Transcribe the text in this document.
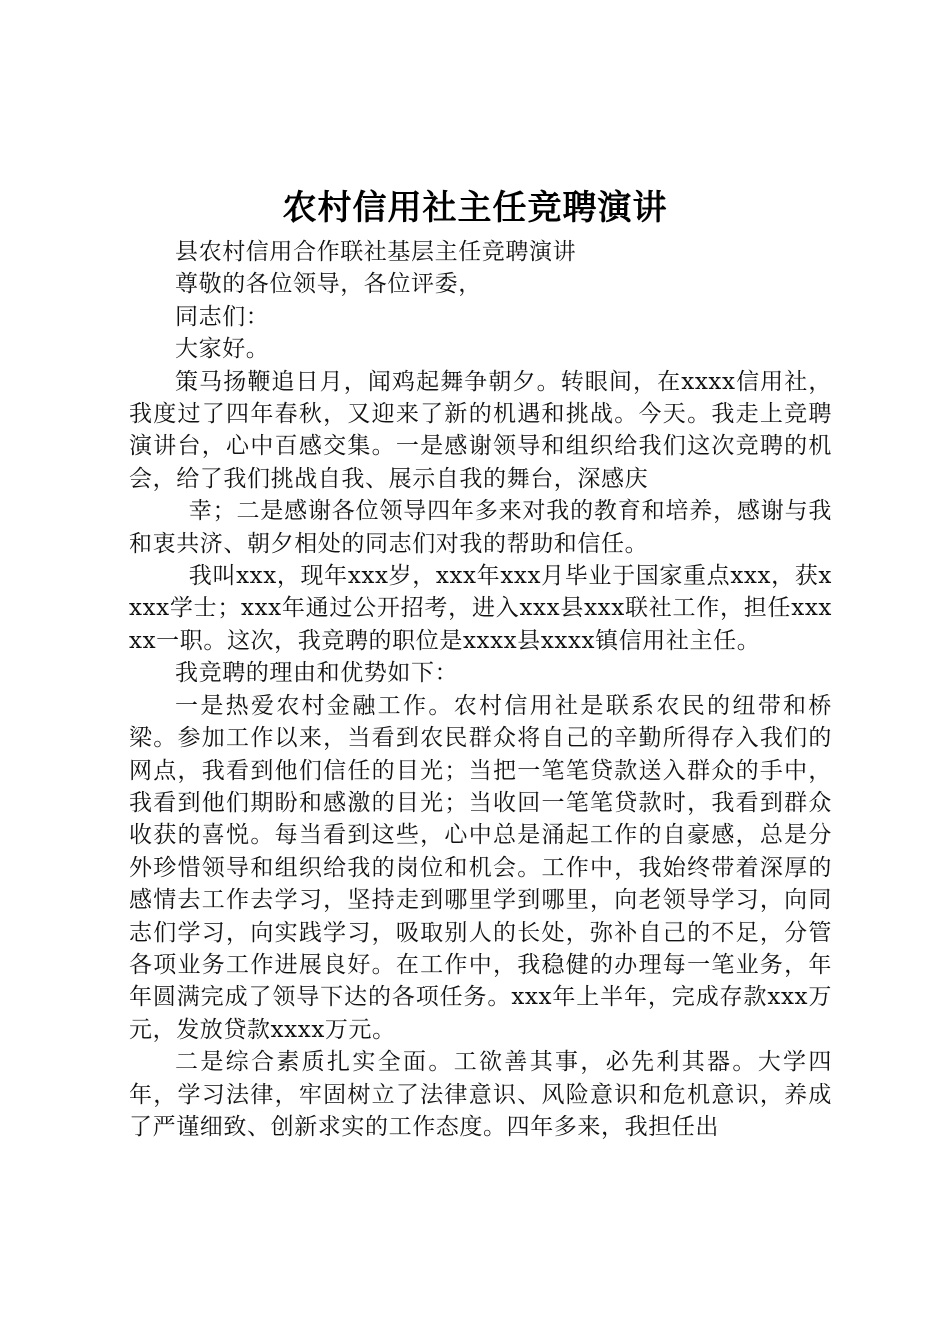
农村信用社主任竞聘演讲

县农村信用合作联社基层主任竞聘演讲

尊敬的各位领导，各位评委，

同志们：

大家好。

策马扬鞭追日月，闻鸡起舞争朝夕。转眼间，在xxxx信用社，我度过了四年春秋，又迎来了新的机遇和挑战。今天。我走上竞聘演讲台，心中百感交集。一是感谢领导和组织给我们这次竞聘的机会，给了我们挑战自我、展示自我的舞台，深感庆

幸；二是感谢各位领导四年多来对我的教育和培养，感谢与我和衷共济、朝夕相处的同志们对我的帮助和信任。

我叫xxx，现年xxx岁，xxx年xxx月毕业于国家重点xxx，获xxxx学士；xxx年通过公开招考，进入xxx县xxx联社工作，担任xxxxx一职。这次，我竞聘的职位是xxxx县xxxx镇信用社主任。

我竞聘的理由和优势如下：

一是热爱农村金融工作。农村信用社是联系农民的纽带和桥梁。参加工作以来，当看到农民群众将自己的辛勤所得存入我们的网点，我看到他们信任的目光；当把一笔笔贷款送入群众的手中，我看到他们期盼和感激的目光；当收回一笔笔贷款时，我看到群众收获的喜悦。每当看到这些，心中总是涌起工作的自豪感，总是分外珍惜领导和组织给我的岗位和机会。工作中，我始终带着深厚的感情去工作去学习，坚持走到哪里学到哪里，向老领导学习，向同志们学习，向实践学习，吸取别人的长处，弥补自己的不足，分管各项业务工作进展良好。在工作中，我稳健的办理每一笔业务，年年圆满完成了领导下达的各项任务。xxx年上半年，完成存款xxx万元，发放贷款xxxx万元。

二是综合素质扎实全面。工欲善其事，必先利其器。大学四年，学习法律，牢固树立了法律意识、风险意识和危机意识，养成了严谨细致、创新求实的工作态度。四年多来，我担任出
